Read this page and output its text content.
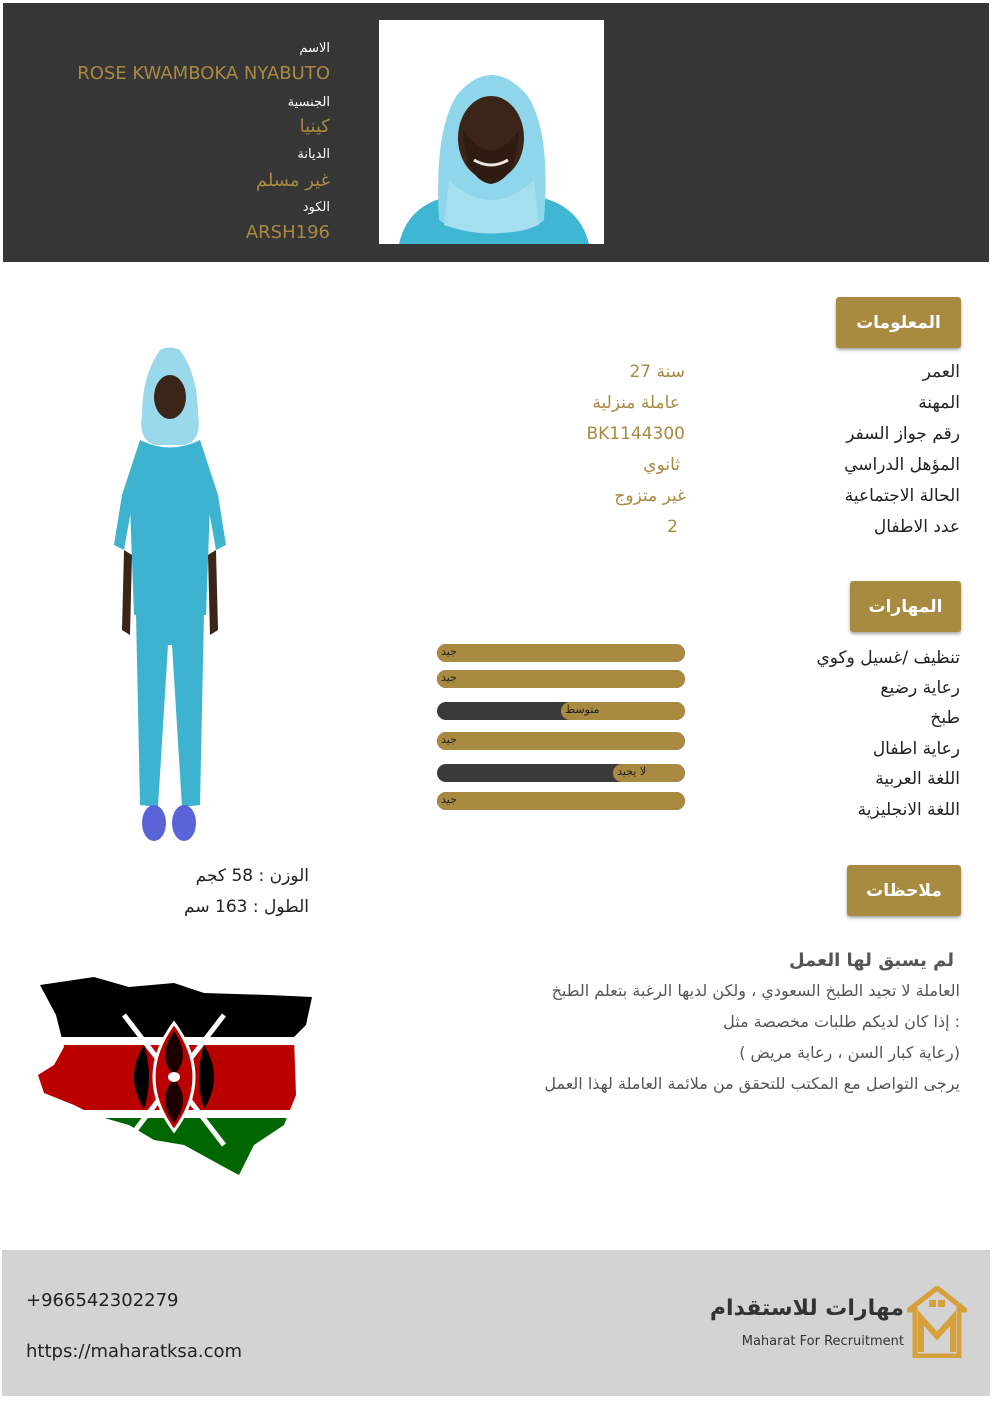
الاسم
ROSE KWAMBOKA NYABUTO
الجنسية
كينيا
الديانة
غير مسلم
الكود
ARSH196
المعلومات
العمر
27 سنة
المهنة
عاملة منزلية
رقم جواز السفر
BK1144300
المؤهل الدراسي
ثانوي
الحالة الاجتماعية
غير متزوج
عدد الاطفال
2
المهارات
تنظيف /غسيل وكوي
رعاية رضيع
طبخ
رعاية اطفال
اللغة العربية
اللغة الانجليزية
جيد
جيد
متوسط
جيد
لا يجيد
جيد
الوزن : 58 كجم
الطول : 163 سم
ملاحظات
لم يسبق لها العمل
العاملة لا تجيد الطبخ السعودي ، ولكن لديها الرغبة بتعلم الطبخ
إذا كان لديكم طلبات مخصصة مثل :
( رعاية كبار السن ، رعاية مريض)
يرجى التواصل مع المكتب للتحقق من ملائمة العاملة لهذا العمل
+966542302279
https://maharatksa.com
مهارات للاستقدام
Maharat For Recruitment
